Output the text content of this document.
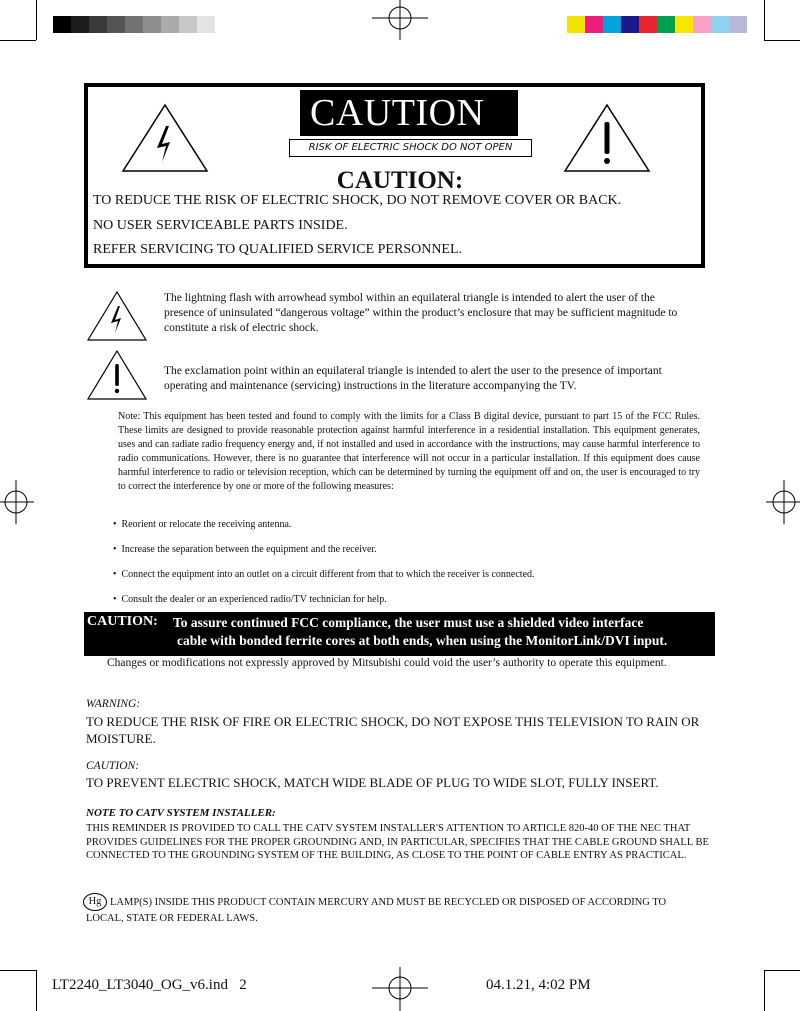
CAUTION
RISK OF ELECTRIC SHOCK DO NOT OPEN
CAUTION:
TO REDUCE THE RISK OF ELECTRIC SHOCK, DO NOT REMOVE COVER OR BACK.
NO USER SERVICEABLE PARTS INSIDE.
REFER SERVICING TO QUALIFIED SERVICE PERSONNEL.
The lightning flash with arrowhead symbol within an equilateral triangle is intended to alert the user of the presence of uninsulated “dangerous voltage” within the product’s enclosure that may be sufficient magnitude to constitute a risk of electric shock.
The exclamation point within an equilateral triangle is intended to alert the user to the presence of important operating and maintenance (servicing) instructions in the literature accompanying the TV.
Note: This equipment has been tested and found to comply with the limits for a Class B digital device, pursuant to part 15 of the FCC Rules. These limits are designed to provide reasonable protection against harmful interference in a residential installation. This equipment generates, uses and can radiate radio frequency energy and, if not installed and used in accordance with the instructions, may cause harmful interference to radio communications. However, there is no guarantee that interference will not occur in a particular installation. If this equipment does cause harmful interference to radio or television reception, which can be determined by turning the equipment off and on, the user is encouraged to try to correct the interference by one or more of the following measures:
• Reorient or relocate the receiving antenna.
• Increase the separation between the equipment and the receiver.
• Connect the equipment into an outlet on a circuit different from that to which the receiver is connected.
• Consult the dealer or an experienced radio/TV technician for help.
CAUTION: To assure continued FCC compliance, the user must use a shielded video interface
cable with bonded ferrite cores at both ends, when using the MonitorLink/DVI input.
Changes or modifications not expressly approved by Mitsubishi could void the user’s authority to operate this equipment.
WARNING:
TO REDUCE THE RISK OF FIRE OR ELECTRIC SHOCK, DO NOT EXPOSE THIS TELEVISION TO RAIN OR MOISTURE.
CAUTION:
TO PREVENT ELECTRIC SHOCK, MATCH WIDE BLADE OF PLUG TO WIDE SLOT, FULLY INSERT.
NOTE TO CATV SYSTEM INSTALLER:
THIS REMINDER IS PROVIDED TO CALL THE CATV SYSTEM INSTALLER'S ATTENTION TO ARTICLE 820-40 OF THE NEC THAT PROVIDES GUIDELINES FOR THE PROPER GROUNDING AND, IN PARTICULAR, SPECIFIES THAT THE CABLE GROUND SHALL BE CONNECTED TO THE GROUNDING SYSTEM OF THE BUILDING, AS CLOSE TO THE POINT OF CABLE ENTRY AS PRACTICAL.
LAMP(S) INSIDE THIS PRODUCT CONTAIN MERCURY AND MUST BE RECYCLED OR DISPOSED OF ACCORDING TO LOCAL, STATE OR FEDERAL LAWS.
Hg
LT2240_LT3040_OG_v6.ind 2	04.1.21, 4:02 PM
